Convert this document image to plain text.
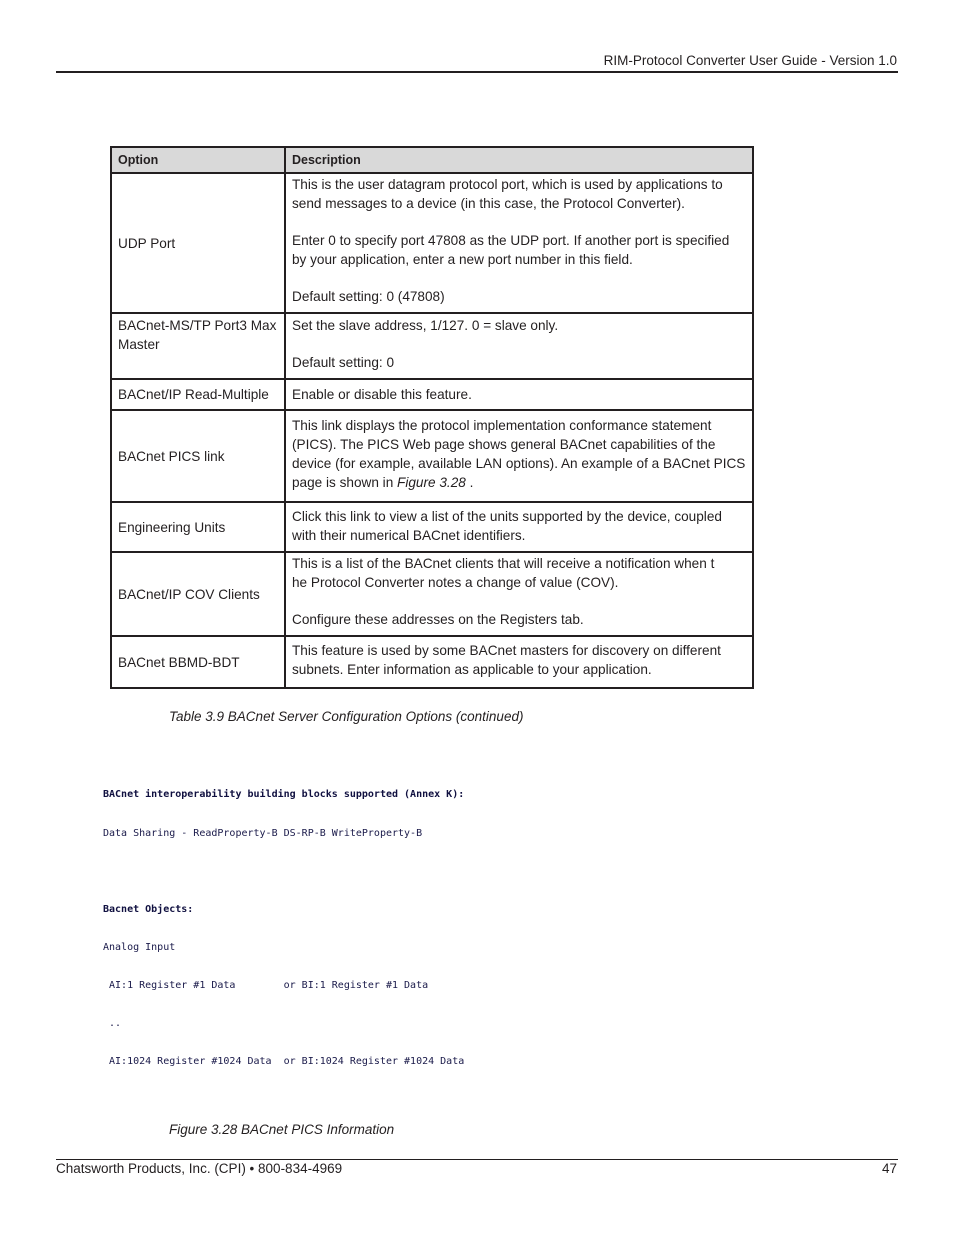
RIM-Protocol Converter User Guide - Version 1.0
Option	Description
UDP Port	This is the user datagram protocol port, which is used by applications to send messages to a device (in this case, the Protocol Converter).

Enter 0 to specify port 47808 as the UDP port. If another port is specified by your application, enter a new port number in this field.

Default setting: 0 (47808)

BACnet-MS/TP Port3 Max Master	Set the slave address, 1/127. 0 = slave only.

Default setting: 0

BACnet/IP Read-Multiple	Enable or disable this feature.
BACnet PICS link	This link displays the protocol implementation conformance statement (PICS). The PICS Web page shows general BACnet capabilities of the device (for example, available LAN options). An example of a BACnet PICS page is shown in Figure 3.28 .

Engineering Units	Click this link to view a list of the units supported by the device, coupled with their numerical BACnet identifiers.
BACnet/IP COV Clients	This is a list of the BACnet clients that will receive a notification when t

he Protocol Converter notes a change of value (COV).

Configure these addresses on the Registers tab.

BACnet BBMD-BDT	This feature is used by some BACnet masters for discovery on different subnets. Enter information as applicable to your application.
Table 3.9 BACnet Server Configuration Options (continued)

BACnet interoperability building blocks supported (Annex K):

Data Sharing - ReadProperty-B DS-RP-B WriteProperty-B

Bacnet Objects:

Analog Input

AI:1 Register #1 Data        or BI:1 Register #1 Data

..

AI:1024 Register #1024 Data  or BI:1024 Register #1024 Data

Figure 3.28 BACnet PICS Information
Chatsworth Products, Inc. (CPI) • 800-834-4969	47
